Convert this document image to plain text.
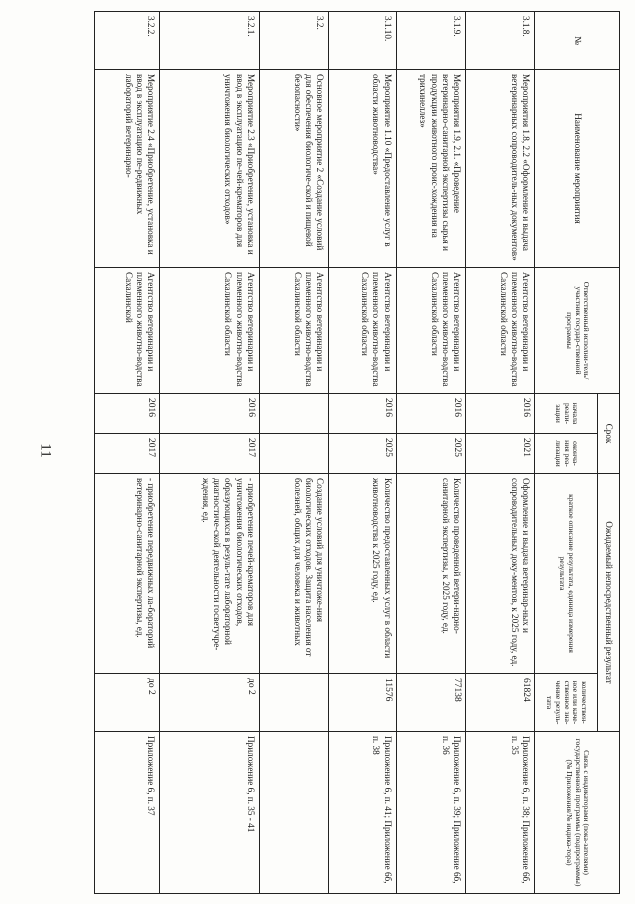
11
№	Наименование мероприятия	Ответственный исполни-тель/ участник государ-ственной программы	Срок		Ожидаемый непосредственный результат		Связь с индикаторами (пока-зателями) государственной программы (подпрограммы) (№ Приложения/№ индика-тора)
			начала реали-зации	оконча-ния реа-лизации	краткое описание результата, единица измерения результата	количествен-ное или каче-ственное зна-чение резуль-тата	
3.1.8.	Мероприятия 1.8, 2.2 «Оформление и выдача ветеринарных сопроводитель-ных документов»	Агентство ветеринарии и племенного животно-водства Сахалинской области	2016	2021	Оформление и выдача ветеринар-ных и сопроводительных доку-ментов, к 2025 году, ед.	61824	Приложение 6, п. 38; Приложение 6б, п. 35
3.1.9.	Мероприятия 1.9, 2.1. «Проведение ветеринарно-санитарной экспертизы сырья и продукции животного проис-хождения на трихинеллез»	Агентство ветеринарии и племенного животно-водства Сахалинской области	2016	2025	Количество проведенной ветери-нарно-санитарной экспертизы, к 2025 году, ед.	77138	Приложение 6, п. 39; Приложение 6б, п. 36
3.1.10.	Мероприятие 1.10 «Предоставление услуг в области животноводства»	Агентство ветеринарии и племенного животно-водства Сахалинской области	2016	2025	Количество предоставленных услуг в области животноводства к 2025 году, ед.	11576	Приложение 6, п. 41; Приложение 6б, п. 38
3.2.	Основное мероприятие 2 «Создание условий для обеспечения биологиче-ской и пищевой безопасности»	Агентство ветеринарии и племенного животно-водства Сахалинской области			Создание условий для уничтоже-ния биологических отходов. Защита населения от болезней, общих для человека и животных		
3.2.1.	Мероприятие 2.3 «Приобретение, установка и ввод в эксплуатацию пе-чей-крематоров для уничтожения биологических отходов»	Агентство ветеринарии и племенного животно-водства Сахалинской области	2016	2017	- приобретение печей-крематоров для уничтожения биологических отходов, образующихся в резуль-тате лабораторной диагностиче-ской деятельности госветучре-ждения, ед.	до 2	Приложение 6, п. 35 - 41
3.2.2.	Мероприятие 2.4 «Приобретение, установка и ввод в эксплуатацию пе-редвижных лабораторий ветеринарно-	Агентство ветеринарии и племенного животно-водства Сахалинской	2016	2017	- приобретение передвижных ла-бораторий ветеринарно-санитарной экспертизы, ед.	до 2	Приложение 6, п. 37
